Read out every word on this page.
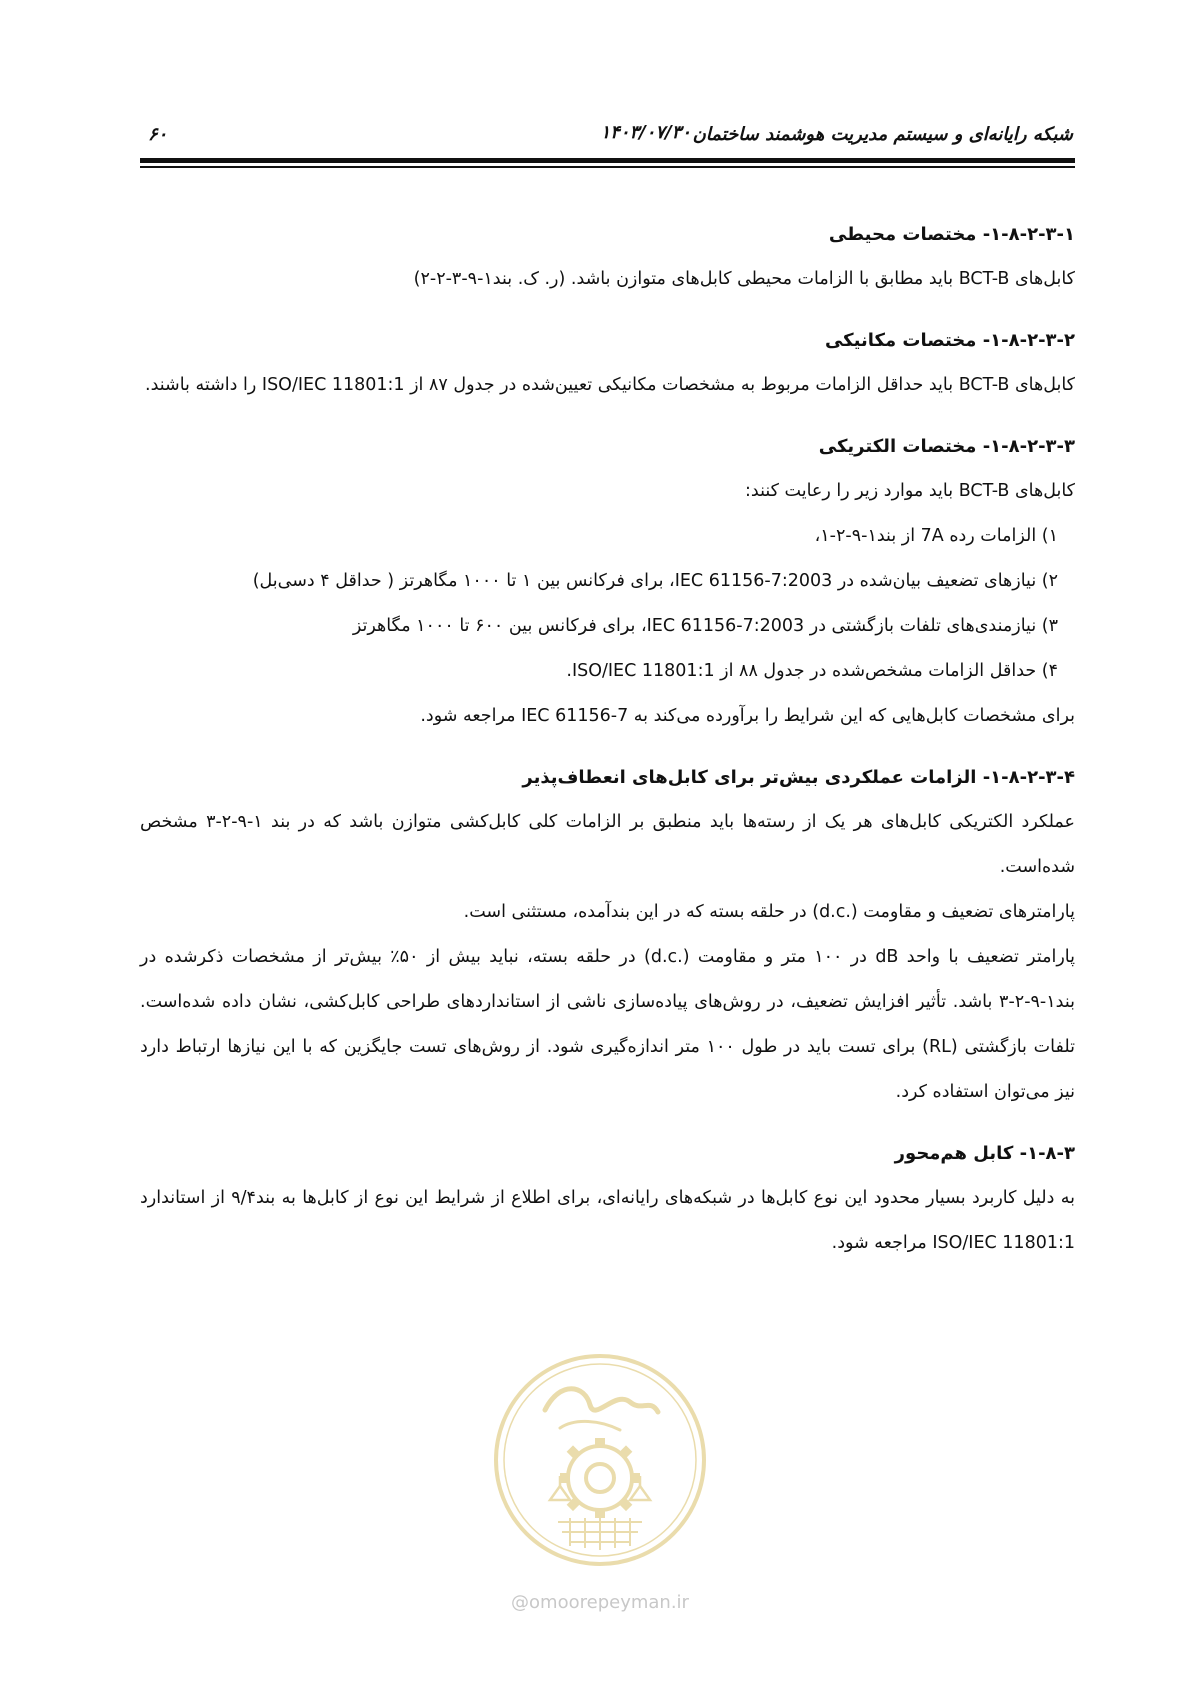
شبکه رایانه‌ای و سیستم مدیریت هوشمند ساختمان
۱۴۰۳/۰۷/۳۰
۶۰
۱-۸-۲-۳-۱- مختصات محیطی

کابل‌های BCT-B باید مطابق با الزامات محیطی کابل‌های متوازن باشد. (ر. ک. بند۱-۹-۳-۲-۲)

۱-۸-۲-۳-۲- مختصات مکانیکی

کابل‌های BCT-B باید حداقل الزامات مربوط به مشخصات مکانیکی تعیین‌شده در جدول ۸۷ از ISO/IEC 11801:1 را داشته باشند.

۱-۸-۲-۳-۳- مختصات الکتریکی

کابل‌های BCT-B باید موارد زیر را رعایت کنند:

۱) الزامات رده 7A از بند۱-۹-۲-۱،
۲) نیازهای تضعیف بیان‌شده در IEC 61156-7:2003، برای فرکانس بین ۱ تا ۱۰۰۰ مگاهرتز ( حداقل ۴ دسی‌بل)
۳) نیازمندی‌های تلفات بازگشتی در IEC 61156-7:2003، برای فرکانس بین ۶۰۰ تا ۱۰۰۰ مگاهرتز
۴) حداقل الزامات مشخص‌شده در جدول ۸۸ از ISO/IEC 11801:1.

برای مشخصات کابل‌هایی که این شرایط را برآورده می‌کند به IEC 61156-7 مراجعه شود.

۱-۸-۲-۳-۴- الزامات عملکردی بیش‌تر برای کابل‌های انعطاف‌پذیر

عملکرد الکتریکی کابل‌های هر یک از رسته‌ها باید منطبق بر الزامات کلی کابل‌کشی متوازن باشد که در بند ۱-۹-۲-۳ مشخص شده‌است.

پارامترهای تضعیف و مقاومت (.d.c) در حلقه بسته که در این بندآمده، مستثنی است.

پارامتر تضعیف با واحد dB در ۱۰۰ متر و مقاومت (.d.c) در حلقه بسته، نباید بیش از ۵۰٪ بیش‌تر از مشخصات ذکرشده در بند۱-۹-۲-۳ باشد. تأثیر افزایش تضعیف، در روش‌های پیاده‌سازی ناشی از استانداردهای طراحی کابل‌کشی، نشان داده شده‌است. تلفات بازگشتی (RL) برای تست باید در طول ۱۰۰ متر اندازه‌گیری شود. از روش‌های تست جایگزین که با این نیازها ارتباط دارد نیز می‌توان استفاده کرد.

۱-۸-۳- کابل هم‌محور

به دلیل کاربرد بسیار محدود این نوع کابل‌ها در شبکه‌های رایانه‌ای، برای اطلاع از شرایط این نوع از کابل‌ها به بند۹/۴ از استاندارد ISO/IEC 11801:1 مراجعه شود.

@omoorepeyman.ir
